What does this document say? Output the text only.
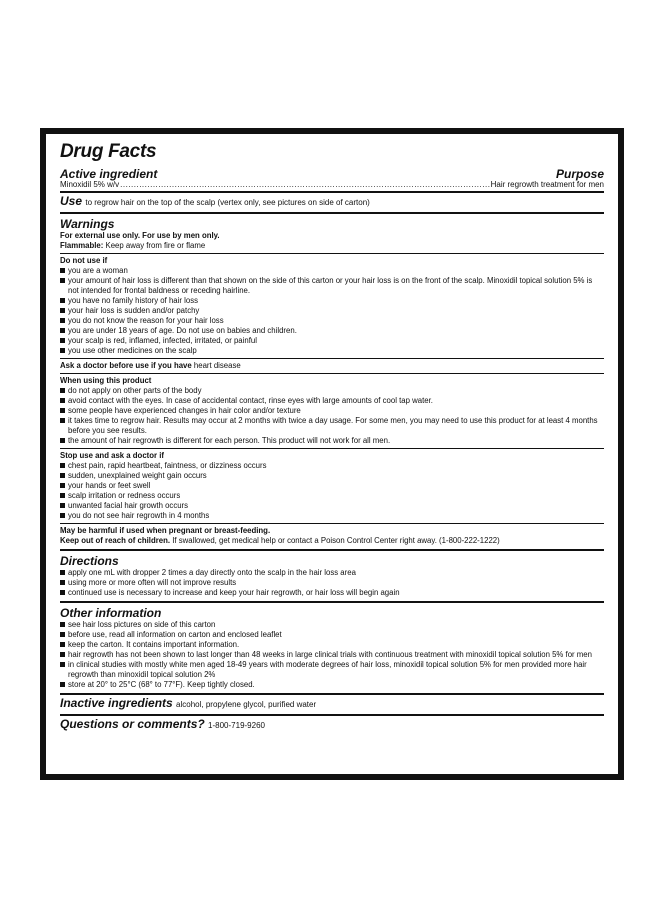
Drug Facts
Active ingredient	Purpose
Minoxidil 5% w/v
.....	Hair regrowth treatment for men
Use to regrow hair on the top of the scalp (vertex only, see pictures on side of carton)
Warnings
For external use only. For use by men only.
Flammable: Keep away from fire or flame
Do not use if
you are a woman
your amount of hair loss is different than that shown on the side of this carton or your hair loss is on the front of the scalp. Minoxidil topical solution 5% is not intended for frontal baldness or receding hairline.
you have no family history of hair loss
your hair loss is sudden and/or patchy
you do not know the reason for your hair loss
you are under 18 years of age. Do not use on babies and children.
your scalp is red, inflamed, infected, irritated, or painful
you use other medicines on the scalp
Ask a doctor before use if you have heart disease
When using this product
do not apply on other parts of the body
avoid contact with the eyes. In case of accidental contact, rinse eyes with large amounts of cool tap water.
some people have experienced changes in hair color and/or texture
it takes time to regrow hair. Results may occur at 2 months with twice a day usage. For some men, you may need to use this product for at least 4 months before you see results.
the amount of hair regrowth is different for each person. This product will not work for all men.
Stop use and ask a doctor if
chest pain, rapid heartbeat, faintness, or dizziness occurs
sudden, unexplained weight gain occurs
your hands or feet swell
scalp irritation or redness occurs
unwanted facial hair growth occurs
you do not see hair regrowth in 4 months
May be harmful if used when pregnant or breast-feeding.
Keep out of reach of children. If swallowed, get medical help or contact a Poison Control Center right away. (1-800-222-1222)
Directions
apply one mL with dropper 2 times a day directly onto the scalp in the hair loss area
using more or more often will not improve results
continued use is necessary to increase and keep your hair regrowth, or hair loss will begin again
Other information
see hair loss pictures on side of this carton
before use, read all information on carton and enclosed leaflet
keep the carton. It contains important information.
hair regrowth has not been shown to last longer than 48 weeks in large clinical trials with continuous treatment with minoxidil topical solution 5% for men
in clinical studies with mostly white men aged 18-49 years with moderate degrees of hair loss, minoxidil topical solution 5% for men provided more hair regrowth than minoxidil topical solution 2%
store at 20° to 25°C (68° to 77°F). Keep tightly closed.
Inactive ingredients alcohol, propylene glycol, purified water
Questions or comments? 1-800-719-9260
